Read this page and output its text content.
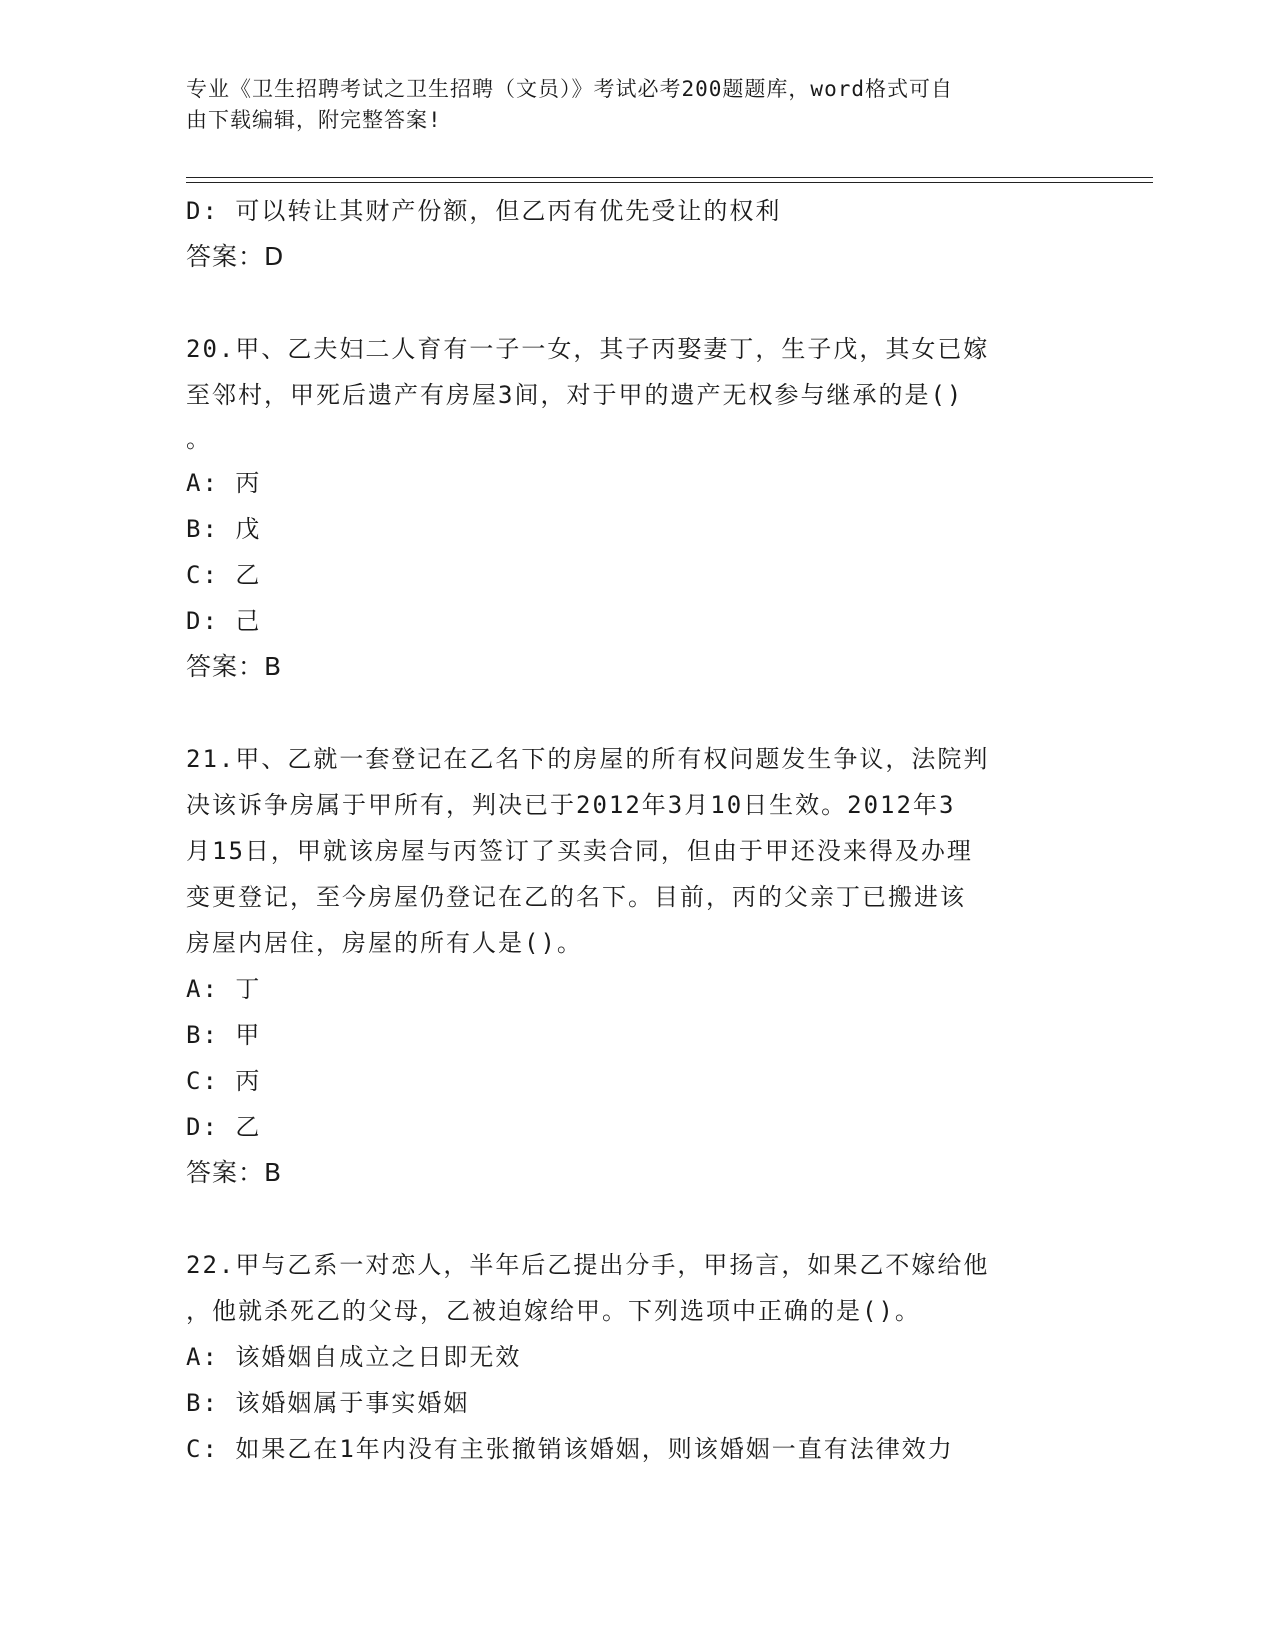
专业《卫生招聘考试之卫生招聘（文员）》考试必考200题题库，word格式可自
由下载编辑，附完整答案!
D: 可以转让其财产份额，但乙丙有优先受让的权利
答案：D
20.甲、乙夫妇二人育有一子一女，其子丙娶妻丁，生子戊，其女已嫁
至邻村，甲死后遗产有房屋3间，对于甲的遗产无权参与继承的是()
。
A: 丙
B: 戊
C: 乙
D: 己
答案：B
21.甲、乙就一套登记在乙名下的房屋的所有权问题发生争议，法院判
决该诉争房属于甲所有，判决已于2012年3月10日生效。2012年3
月15日，甲就该房屋与丙签订了买卖合同，但由于甲还没来得及办理
变更登记，至今房屋仍登记在乙的名下。目前，丙的父亲丁已搬进该
房屋内居住，房屋的所有人是()。
A: 丁
B: 甲
C: 丙
D: 乙
答案：B
22.甲与乙系一对恋人，半年后乙提出分手，甲扬言，如果乙不嫁给他
，他就杀死乙的父母，乙被迫嫁给甲。下列选项中正确的是()。
A: 该婚姻自成立之日即无效
B: 该婚姻属于事实婚姻
C: 如果乙在1年内没有主张撤销该婚姻，则该婚姻一直有法律效力
